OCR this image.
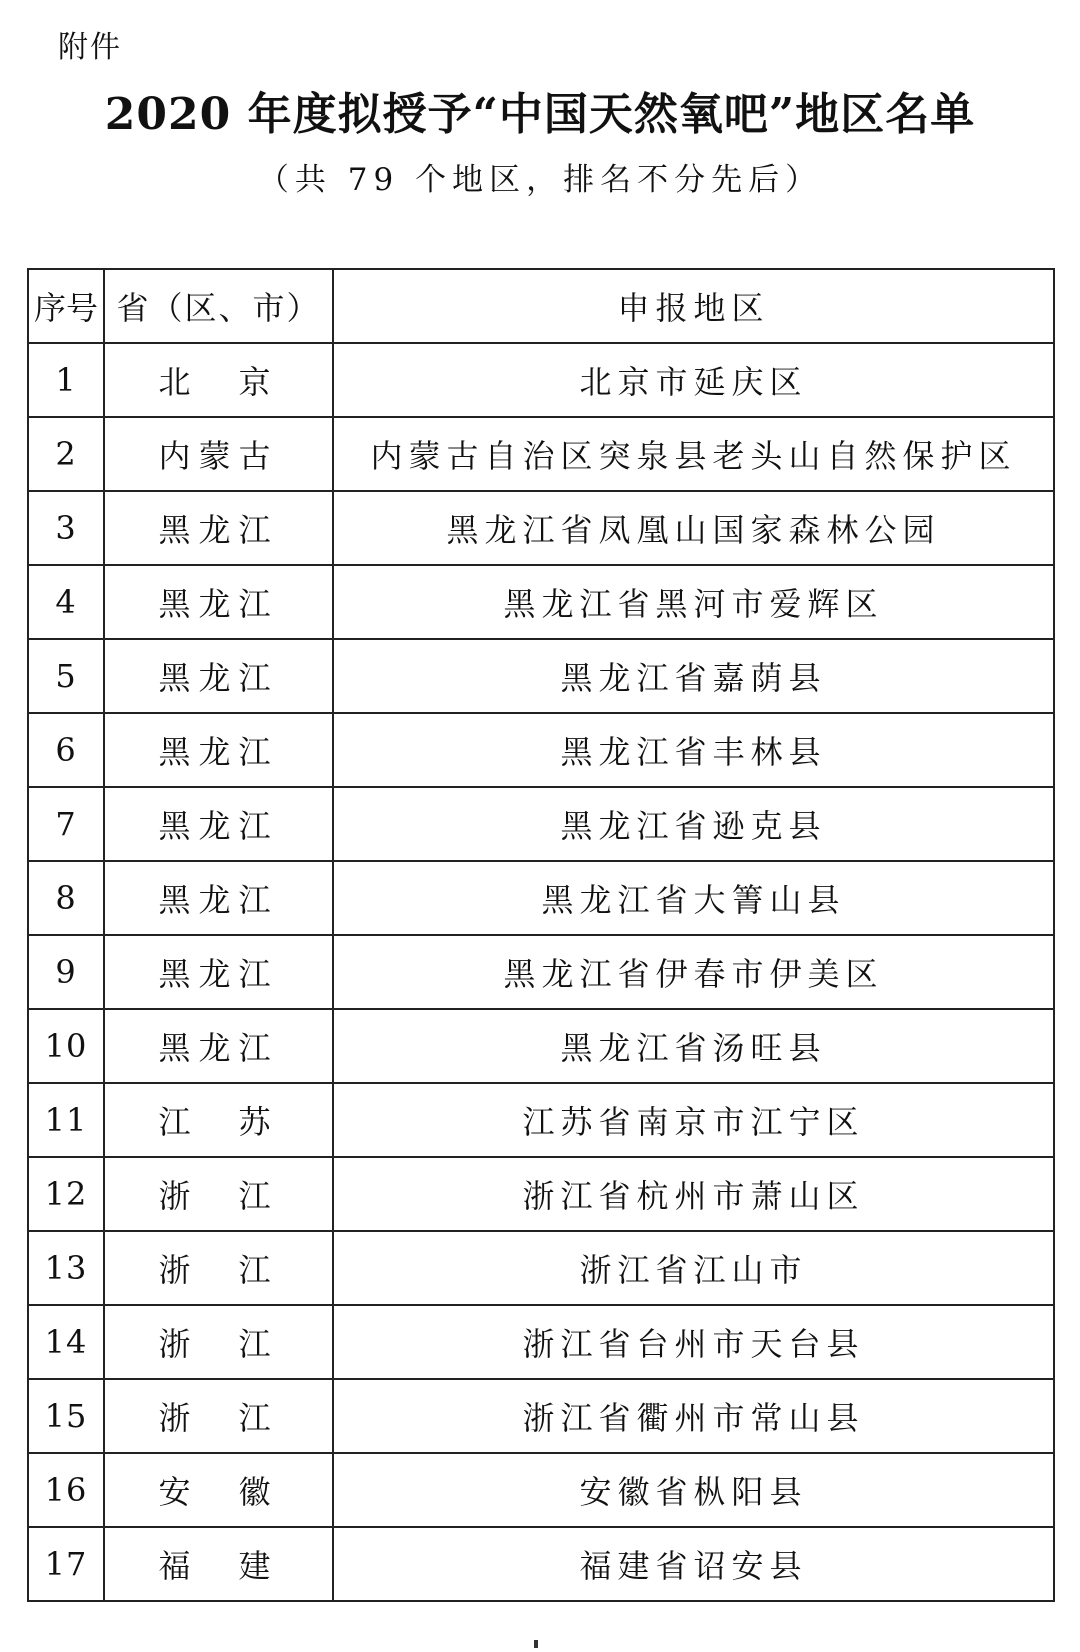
附件
2020 年度拟授予“中国天然氧吧”地区名单
（共 79 个地区，排名不分先后）
序号	省（区、市）	申报地区
1	北　京	北京市延庆区
2	内蒙古	内蒙古自治区突泉县老头山自然保护区
3	黑龙江	黑龙江省凤凰山国家森林公园
4	黑龙江	黑龙江省黑河市爱辉区
5	黑龙江	黑龙江省嘉荫县
6	黑龙江	黑龙江省丰林县
7	黑龙江	黑龙江省逊克县
8	黑龙江	黑龙江省大箐山县
9	黑龙江	黑龙江省伊春市伊美区
10	黑龙江	黑龙江省汤旺县
11	江　苏	江苏省南京市江宁区
12	浙　江	浙江省杭州市萧山区
13	浙　江	浙江省江山市
14	浙　江	浙江省台州市天台县
15	浙　江	浙江省衢州市常山县
16	安　徽	安徽省枞阳县
17	福　建	福建省诏安县
